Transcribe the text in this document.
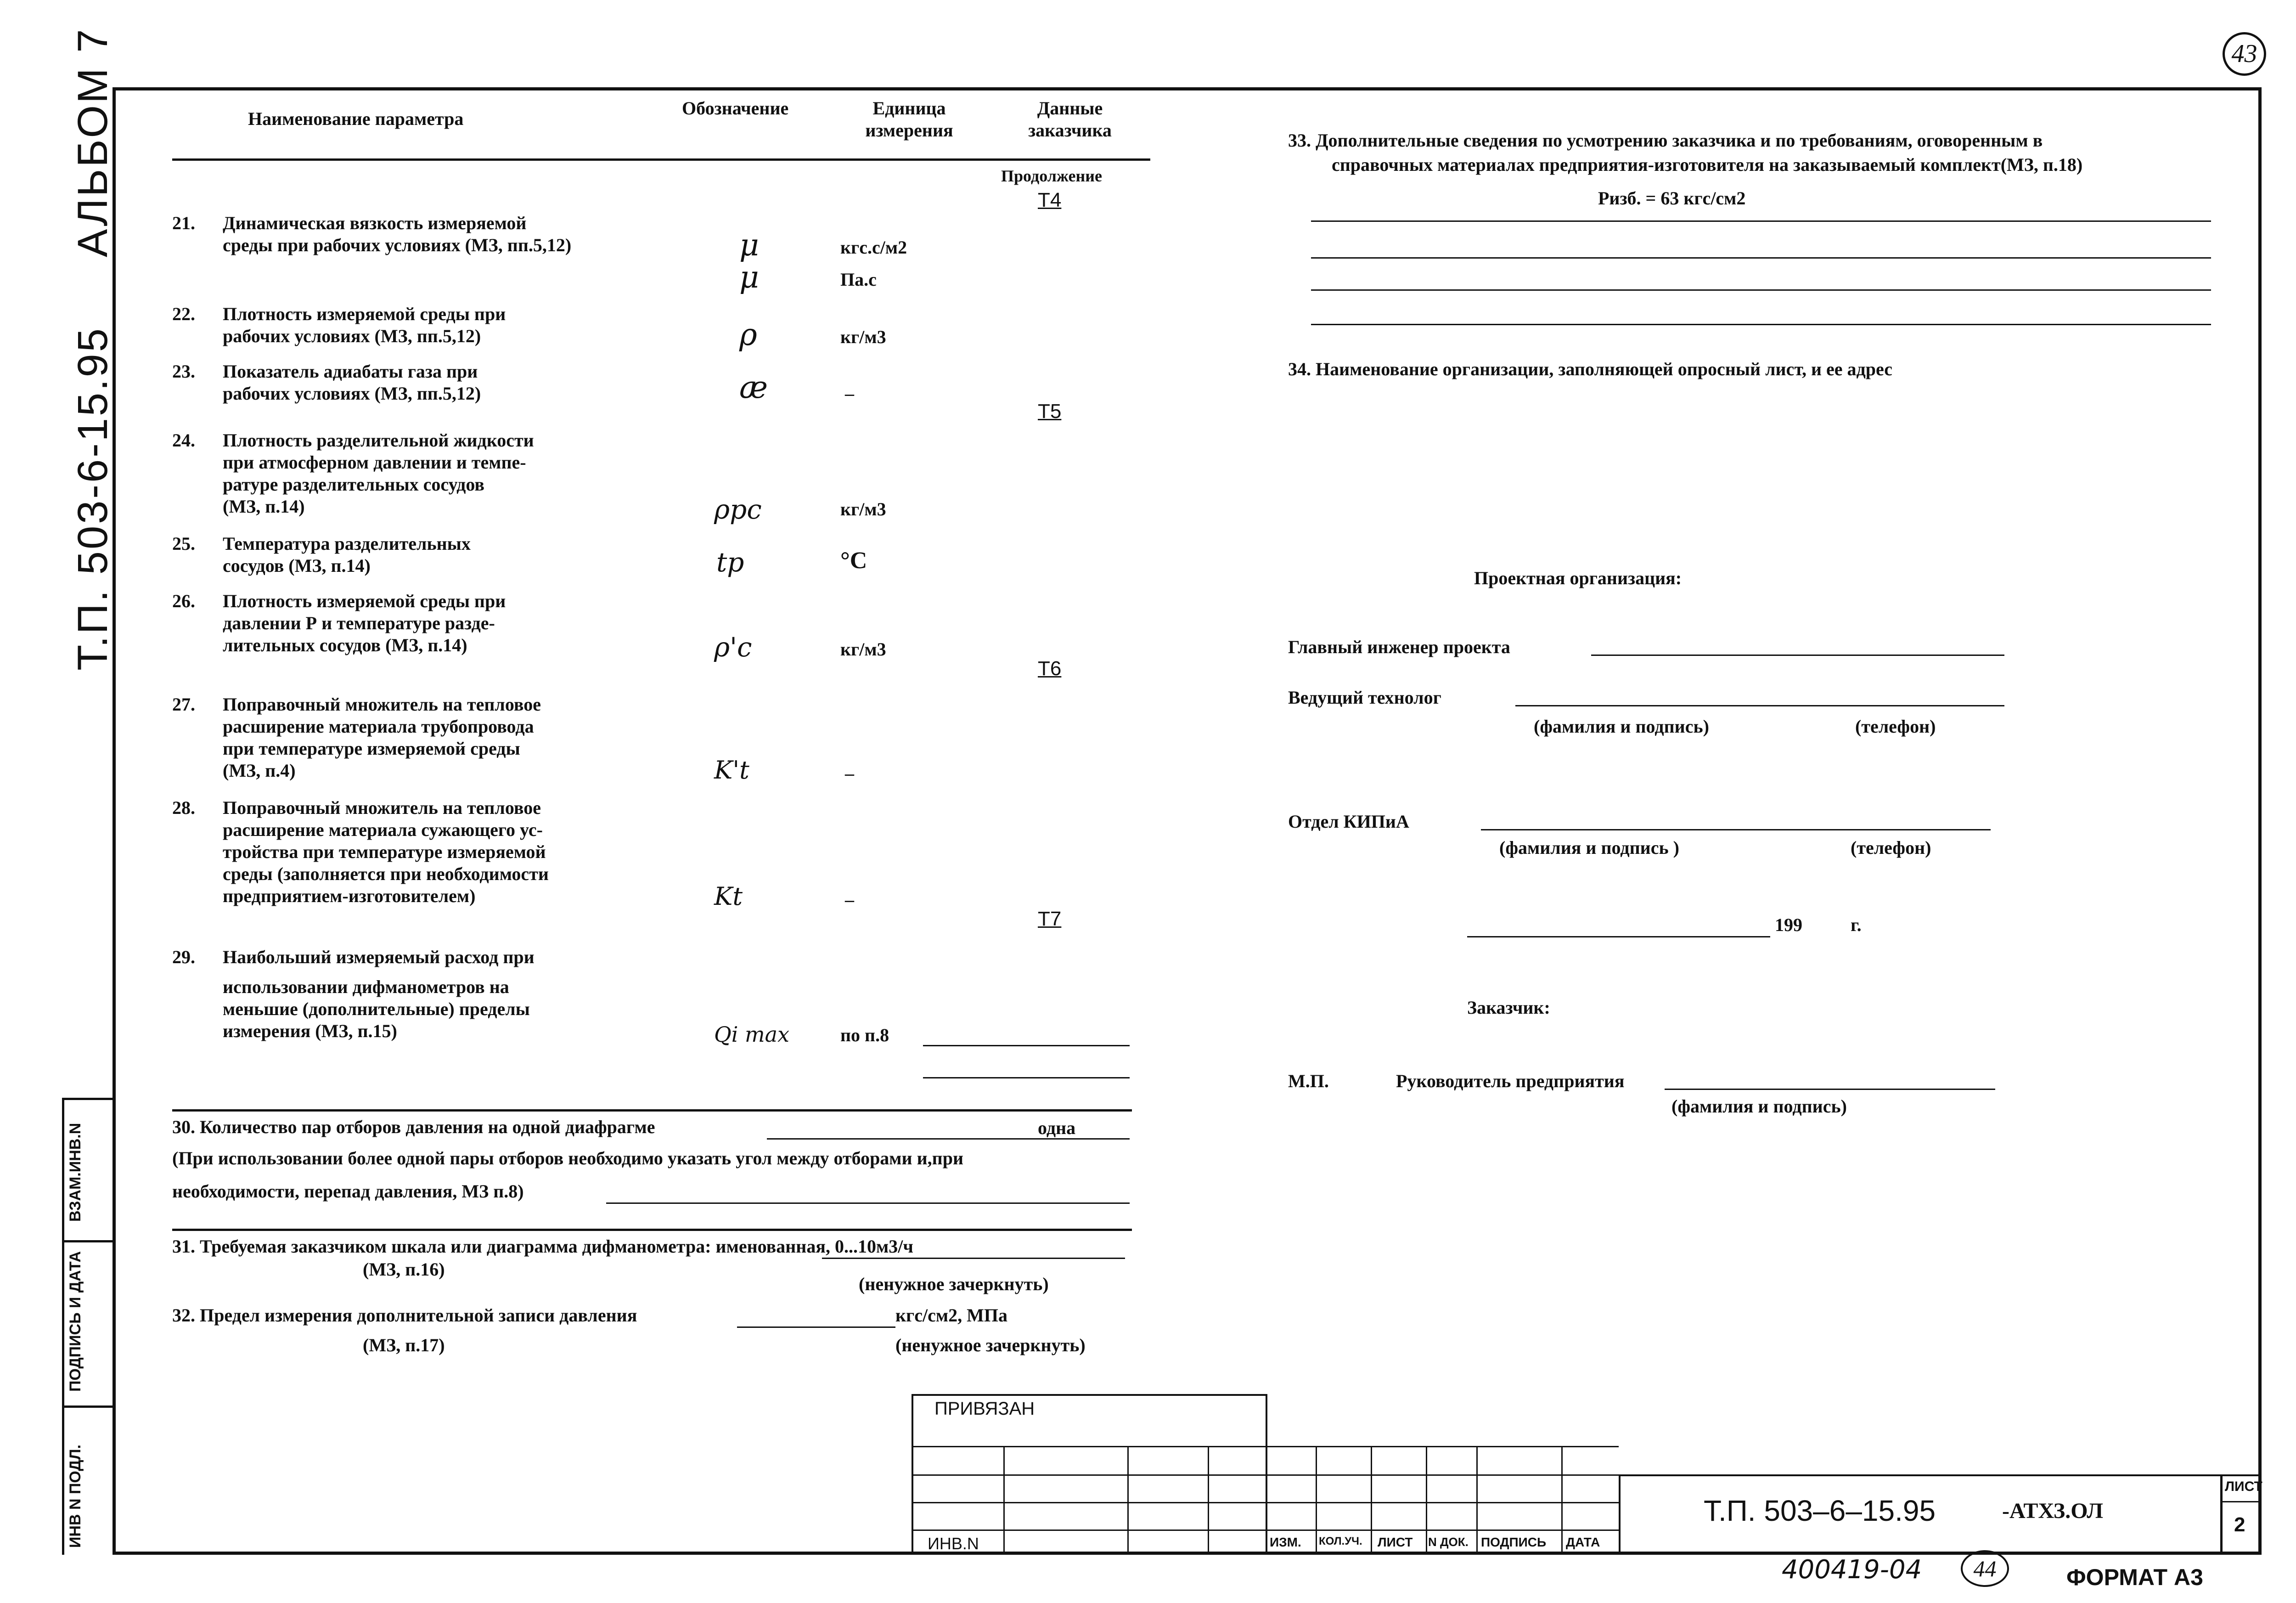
43
АЛЬБОМ 7
Т.П. 503-6-15.95
ВЗАМ.ИНВ.N
ПОДПИСЬ И ДАТА
ИНВ N ПОДЛ.
Наименование параметра
Обозначение	Единица измерения
Данные заказчика
Продолжение
Т4
Т5
Т6
Т7
21. Динамическая вязкость измеряемой
среды при рабочих условиях (МЗ, пп.5,12)	μ	кгс.с/м2
μ	Па.с
22. Плотность измеряемой среды при
рабочих условиях (МЗ, пп.5,12)	ρ	кг/м3
23. Показатель адиабаты газа при
рабочих условиях (МЗ, пп.5,12)	æ	–
24. Плотность разделительной жидкости
при атмосферном давлении и темпе-
ратуре разделительных сосудов
(МЗ, п.14)	ρрс	кг/м3
25. Температура разделительных
сосудов (МЗ, п.14)	tр	°С
26. Плотность измеряемой среды при
давлении Р и температуре разде-
лительных сосудов (МЗ, п.14)	ρ'с	кг/м3
27. Поправочный множитель на тепловое
расширение материала трубопровода
при температуре измеряемой среды
(МЗ, п.4)	K't	–
28. Поправочный множитель на тепловое
расширение материала сужающего ус-
тройства при температуре измеряемой
среды (заполняется при необходимости
предприятием-изготовителем)	Kt	–
29. Наибольший измеряемый расход при
использовании дифманометров на
меньшие (дополнительные) пределы
измерения (МЗ, п.15)	Qi max	по п.8
30. Количество пар отборов давления на одной диафрагме	одна
(При использовании более одной пары отборов необходимо указать угол между отборами и,при
необходимости, перепад давления, МЗ п.8)
31. Требуемая заказчиком шкала или диаграмма дифманометра: именованная, 0...10м3/ч
(МЗ, п.16)
(ненужное зачеркнуть)
32. Предел измерения дополнительной записи давления	кгс/см2, МПа
(МЗ, п.17)	(ненужное зачеркнуть)
33. Дополнительные сведения по усмотрению заказчика и по требованиям, оговоренным в
справочных материалах предприятия-изготовителя на заказываемый комплект(МЗ, п.18)
Ризб. = 63 кгс/см2
34. Наименование организации, заполняющей опросный лист, и ее адрес
Проектная организация:
Главный инженер проекта
Ведущий технолог
(фамилия и подпись)	(телефон)
Отдел КИПиА
(фамилия и подпись )	(телефон)
199	г.
Заказчик:
М.П.	Руководитель предприятия
(фамилия и подпись)
ПРИВЯЗАН
ИНВ.N	ИЗМ. КОЛ.УЧ. ЛИСТ N ДОК. ПОДПИСЬ ДАТА
Т.П. 503–6–15.95	-АТХЗ.ОЛ
ЛИСТ
2
400419-04	44	ФОРМАТ А3
